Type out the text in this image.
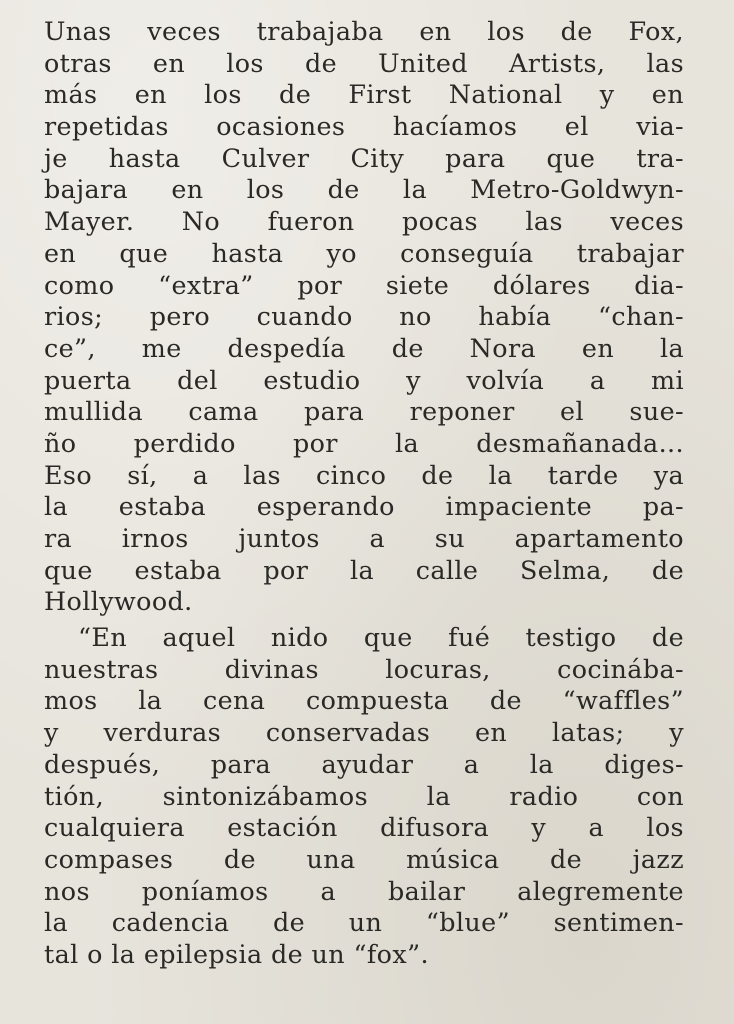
Unas veces trabajaba en los de Fox,
otras en los de United Artists, las
más en los de First National y en
repetidas ocasiones hacíamos el via-
je hasta Culver City para que tra-
bajara en los de la Metro-Goldwyn-
Mayer. No fueron pocas las veces
en que hasta yo conseguía trabajar
como “extra” por siete dólares dia-
rios; pero cuando no había “chan-
ce”, me despedía de Nora en la
puerta del estudio y volvía a mi
mullida cama para reponer el sue-
ño perdido por la desmañanada...
Eso sí, a las cinco de la tarde ya
la estaba esperando impaciente pa-
ra irnos juntos a su apartamento
que estaba por la calle Selma, de
Hollywood.
“En aquel nido que fué testigo de
nuestras divinas locuras, cocinába-
mos la cena compuesta de “waffles”
y verduras conservadas en latas; y
después, para ayudar a la diges-
tión, sintonizábamos la radio con
cualquiera estación difusora y a los
compases de una música de jazz
nos poníamos a bailar alegremente
la cadencia de un “blue” sentimen-
tal o la epilepsia de un “fox”.
